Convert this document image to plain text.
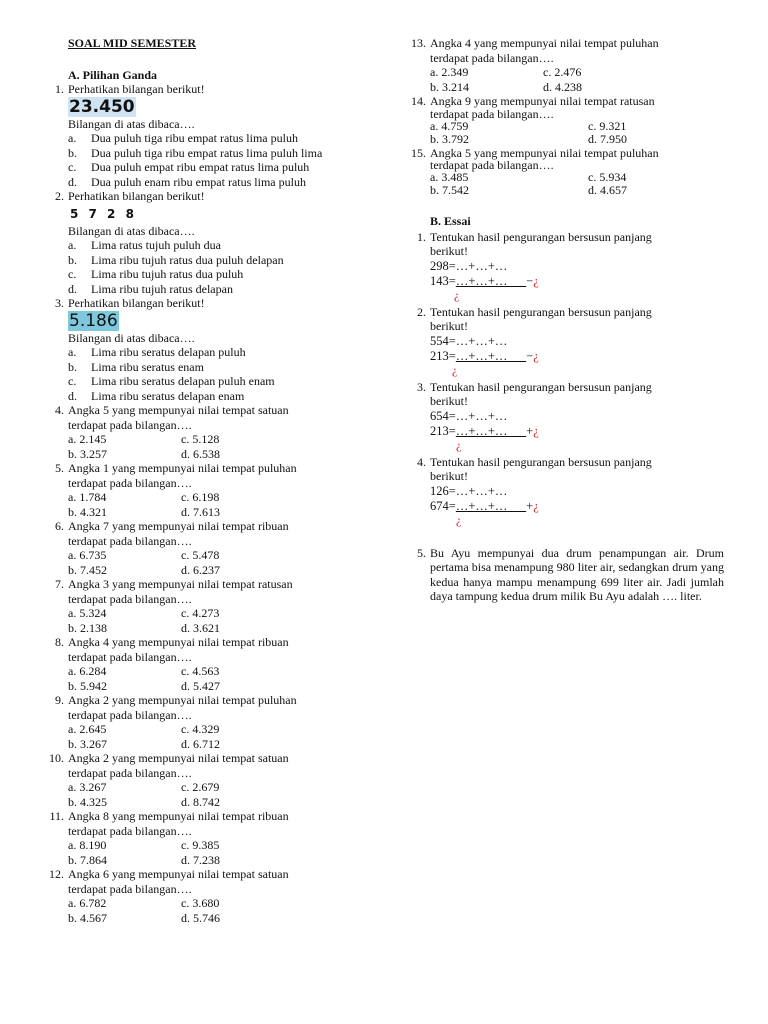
SOAL MID SEMESTER
A. Pilihan Ganda
1. Perhatikan bilangan berikut!
23.450
Bilangan di atas dibaca….
a. Dua puluh tiga ribu empat ratus lima puluh
b. Dua puluh tiga ribu empat ratus lima puluh lima
c. Dua puluh empat ribu empat ratus lima puluh
d. Dua puluh enam ribu empat ratus lima puluh
2. Perhatikan bilangan berikut!
5 7 2 8
Bilangan di atas dibaca….
a. Lima ratus tujuh puluh dua
b. Lima ribu tujuh ratus dua puluh delapan
c. Lima ribu tujuh ratus dua puluh
d. Lima ribu tujuh ratus delapan
3. Perhatikan bilangan berikut!
5.186
Bilangan di atas dibaca….
a. Lima ribu seratus delapan puluh
b. Lima ribu seratus enam
c. Lima ribu seratus delapan puluh enam
d. Lima ribu seratus delapan enam
4. Angka 5 yang mempunyai nilai tempat satuan
terdapat pada bilangan….
a. 2.145	c. 5.128
b. 3.257	d. 6.538
5. Angka 1 yang mempunyai nilai tempat puluhan
terdapat pada bilangan….
a. 1.784	c. 6.198
b. 4.321	d. 7.613
6. Angka 7 yang mempunyai nilai tempat ribuan
terdapat pada bilangan….
a. 6.735	c. 5.478
b. 7.452	d. 6.237
7. Angka 3 yang mempunyai nilai tempat ratusan
terdapat pada bilangan….
a. 5.324	c. 4.273
b. 2.138	d. 3.621
8. Angka 4 yang mempunyai nilai tempat ribuan
terdapat pada bilangan….
a. 6.284	c. 4.563
b. 5.942	d. 5.427
9. Angka 2 yang mempunyai nilai tempat puluhan
terdapat pada bilangan….
a. 2.645	c. 4.329
b. 3.267	d. 6.712
10. Angka 2 yang mempunyai nilai tempat satuan
terdapat pada bilangan….
a. 3.267	c. 2.679
b. 4.325	d. 8.742
11. Angka 8 yang mempunyai nilai tempat ribuan
terdapat pada bilangan….
a. 8.190	c. 9.385
b. 7.864	d. 7.238
12. Angka 6 yang mempunyai nilai tempat satuan
terdapat pada bilangan….
a. 6.782	c. 3.680
b. 4.567	d. 5.746
13. Angka 4 yang mempunyai nilai tempat puluhan
terdapat pada bilangan….
a. 2.349	c. 2.476
b. 3.214	d. 4.238
14. Angka 9 yang mempunyai nilai tempat ratusan
terdapat pada bilangan….
a. 4.759	c. 9.321
b. 3.792	d. 7.950
15. Angka 5 yang mempunyai nilai tempat puluhan
terdapat pada bilangan….
a. 3.485	c. 5.934
b. 7.542	d. 4.657
B. Essai
1. Tentukan hasil pengurangan bersusun panjang
berikut!
298=…+…+…
143=…+…+…      −¿
¿
2. Tentukan hasil pengurangan bersusun panjang
berikut!
554=…+…+…
213=…+…+…      −¿
¿
3. Tentukan hasil pengurangan bersusun panjang
berikut!
654=…+…+…
213=…+…+…      +¿
¿
4. Tentukan hasil pengurangan bersusun panjang
berikut!
126=…+…+…
674=…+…+…      +¿
¿
5. Bu Ayu mempunyai dua drum penampungan air. Drum pertama bisa menampung 980 liter air, sedangkan drum yang kedua hanya mampu menampung 699 liter air. Jadi jumlah daya tampung kedua drum milik Bu Ayu adalah …. liter.
